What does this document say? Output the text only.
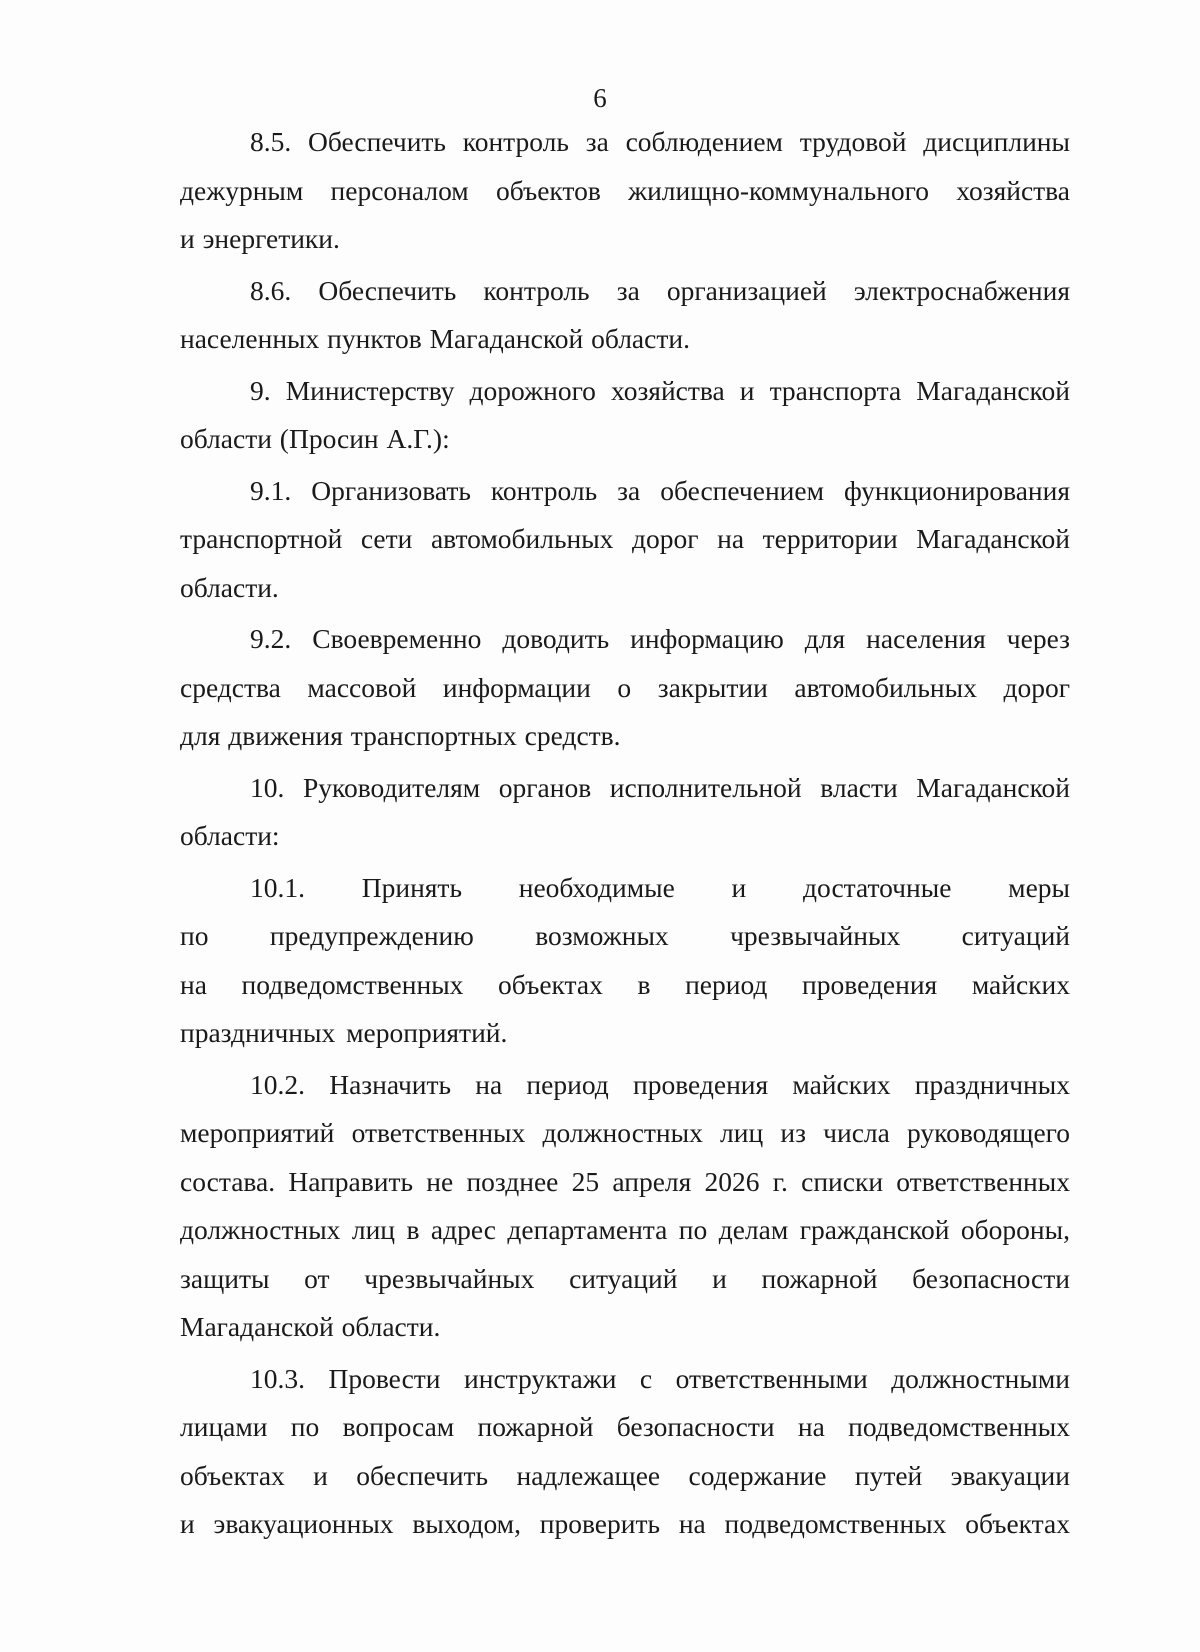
6
8.5. Обеспечить контроль за соблюдением трудовой дисциплины
дежурным персоналом объектов жилищно-коммунального хозяйства
и энергетики.
8.6. Обеспечить контроль за организацией электроснабжения
населенных пунктов Магаданской области.
9. Министерству дорожного хозяйства и транспорта Магаданской
области (Просин А.Г.):
9.1. Организовать контроль за обеспечением функционирования
транспортной сети автомобильных дорог на территории Магаданской
области.
9.2. Своевременно доводить информацию для населения через
средства массовой информации о закрытии автомобильных дорог
для движения транспортных средств.
10. Руководителям органов исполнительной власти Магаданской
области:
10.1. Принять необходимые и достаточные меры
по предупреждению возможных чрезвычайных ситуаций
на подведомственных объектах в период проведения майских
праздничных мероприятий.
10.2. Назначить на период проведения майских праздничных
мероприятий ответственных должностных лиц из числа руководящего
состава. Направить не позднее 25 апреля 2026 г. списки ответственных
должностных лиц в адрес департамента по делам гражданской обороны,
защиты от чрезвычайных ситуаций и пожарной безопасности
Магаданской области.
10.3. Провести инструктажи с ответственными должностными
лицами по вопросам пожарной безопасности на подведомственных
объектах и обеспечить надлежащее содержание путей эвакуации
и эвакуационных выходом, проверить на подведомственных объектах
